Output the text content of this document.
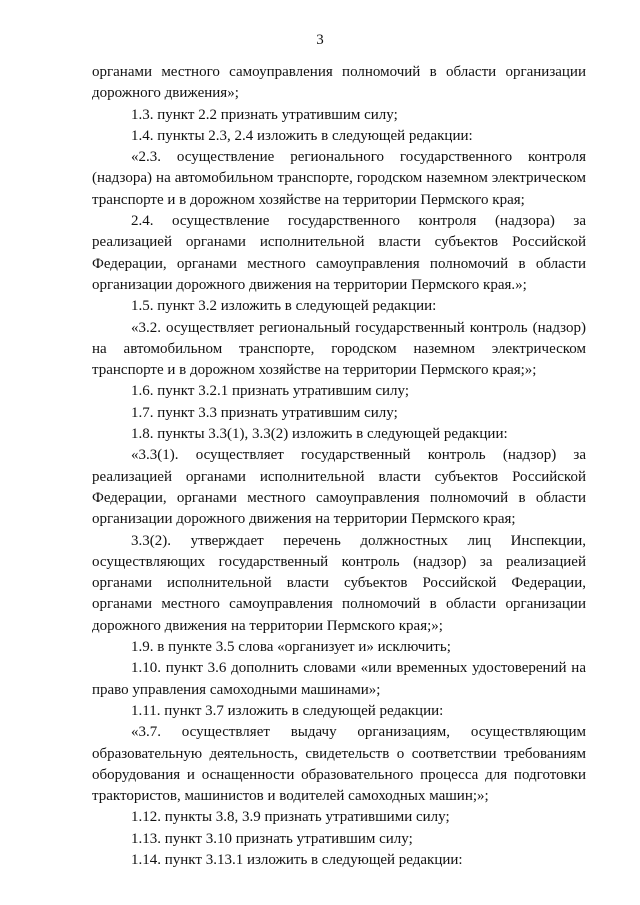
3

органами местного самоуправления полномочий в области организации дорожного движения»;

1.3. пункт 2.2 признать утратившим силу;

1.4. пункты 2.3, 2.4 изложить в следующей редакции:

«2.3. осуществление регионального государственного контроля (надзора) на автомобильном транспорте, городском наземном электрическом транспорте и в дорожном хозяйстве на территории Пермского края;

2.4. осуществление государственного контроля (надзора) за реализацией органами исполнительной власти субъектов Российской Федерации, органами местного самоуправления полномочий в области организации дорожного движения на территории Пермского края.»;

1.5. пункт 3.2 изложить в следующей редакции:

«3.2. осуществляет региональный государственный контроль (надзор) на автомобильном транспорте, городском наземном электрическом транспорте и в дорожном хозяйстве на территории Пермского края;»;

1.6. пункт 3.2.1 признать утратившим силу;

1.7. пункт 3.3 признать утратившим силу;

1.8. пункты 3.3(1), 3.3(2) изложить в следующей редакции:

«3.3(1). осуществляет государственный контроль (надзор) за реализацией органами исполнительной власти субъектов Российской Федерации, органами местного самоуправления полномочий в области организации дорожного движения на территории Пермского края;

3.3(2). утверждает перечень должностных лиц Инспекции, осуществляющих государственный контроль (надзор) за реализацией органами исполнительной власти субъектов Российской Федерации, органами местного самоуправления полномочий в области организации дорожного движения на территории Пермского края;»;

1.9. в пункте 3.5 слова «организует и» исключить;

1.10. пункт 3.6 дополнить словами «или временных удостоверений на право управления самоходными машинами»;

1.11. пункт 3.7 изложить в следующей редакции:

«3.7. осуществляет выдачу организациям, осуществляющим образовательную деятельность, свидетельств о соответствии требованиям оборудования и оснащенности образовательного процесса для подготовки трактористов, машинистов и водителей самоходных машин;»;

1.12. пункты 3.8, 3.9 признать утратившими силу;

1.13. пункт 3.10 признать утратившим силу;

1.14. пункт 3.13.1 изложить в следующей редакции:
